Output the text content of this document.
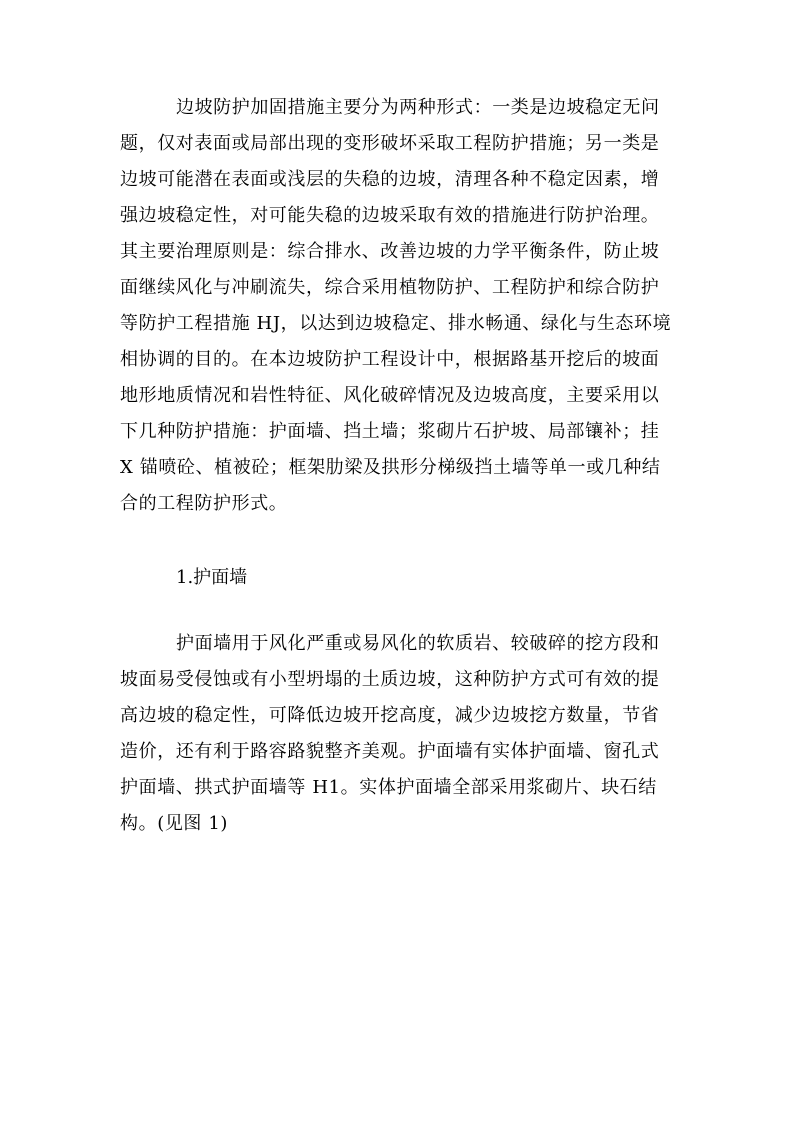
边坡防护加固措施主要分为两种形式：一类是边坡稳定无问
题，仅对表面或局部出现的变形破坏采取工程防护措施；另一类是
边坡可能潜在表面或浅层的失稳的边坡，清理各种不稳定因素，增
强边坡稳定性，对可能失稳的边坡采取有效的措施进行防护治理。
其主要治理原则是：综合排水、改善边坡的力学平衡条件，防止坡
面继续风化与冲刷流失，综合采用植物防护、工程防护和综合防护
等防护工程措施 HJ，以达到边坡稳定、排水畅通、绿化与生态环境
相协调的目的。在本边坡防护工程设计中，根据路基开挖后的坡面
地形地质情况和岩性特征、风化破碎情况及边坡高度，主要采用以
下几种防护措施：护面墙、挡土墙；浆砌片石护坡、局部镶补；挂
X 锚喷砼、植被砼；框架肋梁及拱形分梯级挡土墙等单一或几种结
合的工程防护形式。
1.护面墙
护面墙用于风化严重或易风化的软质岩、较破碎的挖方段和
坡面易受侵蚀或有小型坍塌的土质边坡，这种防护方式可有效的提
高边坡的稳定性，可降低边坡开挖高度，减少边坡挖方数量，节省
造价，还有利于路容路貌整齐美观。护面墙有实体护面墙、窗孔式
护面墙、拱式护面墙等 H1。实体护面墙全部采用浆砌片、块石结
构。(见图 1)
